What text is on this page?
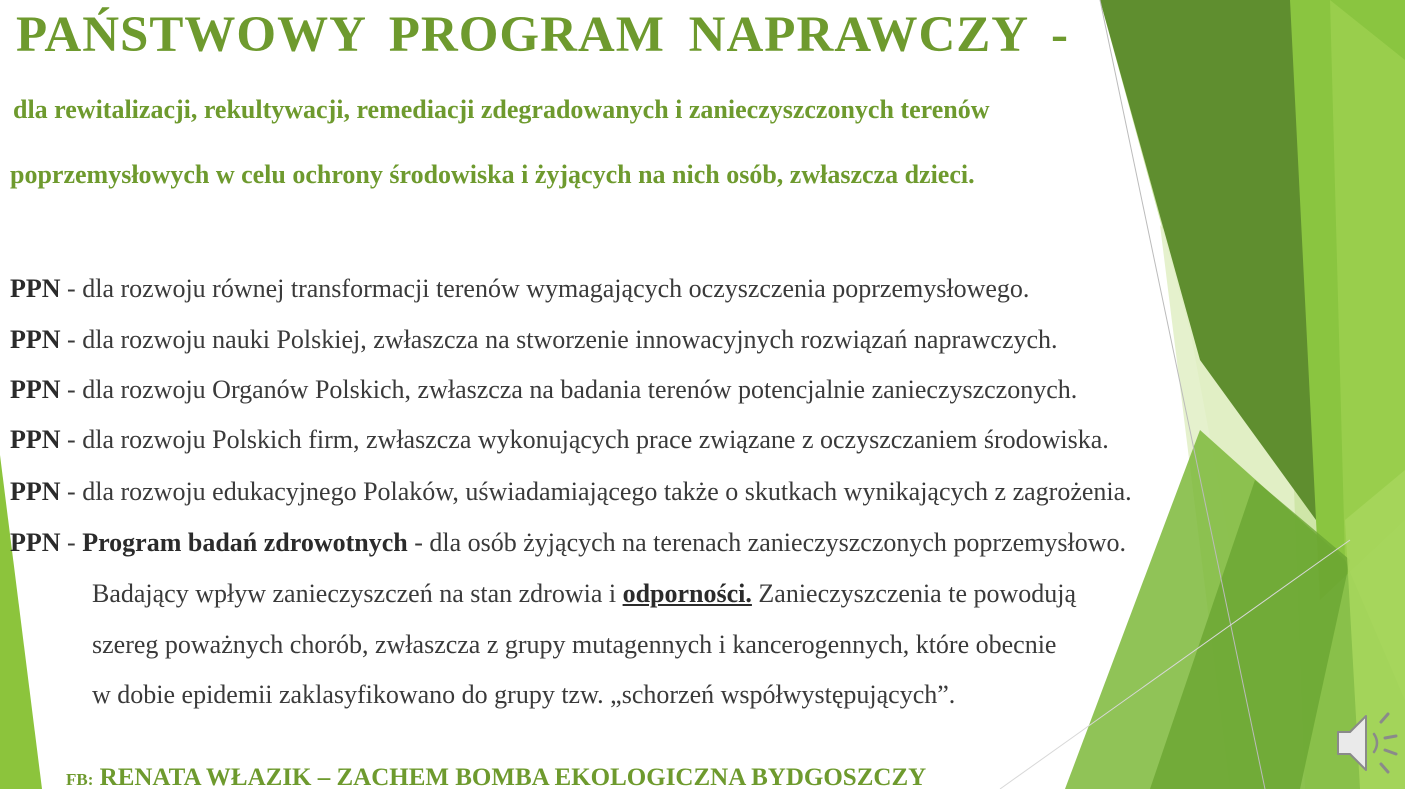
PAŃSTWOWY PROGRAM NAPRAWCZY -

dla rewitalizacji, rekultywacji, remediacji zdegradowanych i zanieczyszczonych terenów

poprzemysłowych w celu ochrony środowiska i żyjących na nich osób, zwłaszcza dzieci.

PPN - dla rozwoju równej transformacji terenów wymagających oczyszczenia poprzemysłowego.

PPN - dla rozwoju nauki Polskiej, zwłaszcza na stworzenie innowacyjnych rozwiązań naprawczych.

PPN - dla rozwoju Organów Polskich, zwłaszcza na badania terenów potencjalnie zanieczyszczonych.

PPN - dla rozwoju Polskich firm, zwłaszcza wykonujących prace związane z oczyszczaniem środowiska.

PPN - dla rozwoju edukacyjnego Polaków, uświadamiającego także o skutkach wynikających z zagrożenia.

PPN - Program badań zdrowotnych - dla osób żyjących na terenach zanieczyszczonych poprzemysłowo.

Badający wpływ zanieczyszczeń na stan zdrowia i odporności. Zanieczyszczenia te powodują

szereg poważnych chorób, zwłaszcza z grupy mutagennych i kancerogennych, które obecnie

w dobie epidemii zaklasyfikowano do grupy tzw. „schorzeń współwystępujących”.

FB: RENATA WŁAZIK – ZACHEM BOMBA EKOLOGICZNA BYDGOSZCZY
